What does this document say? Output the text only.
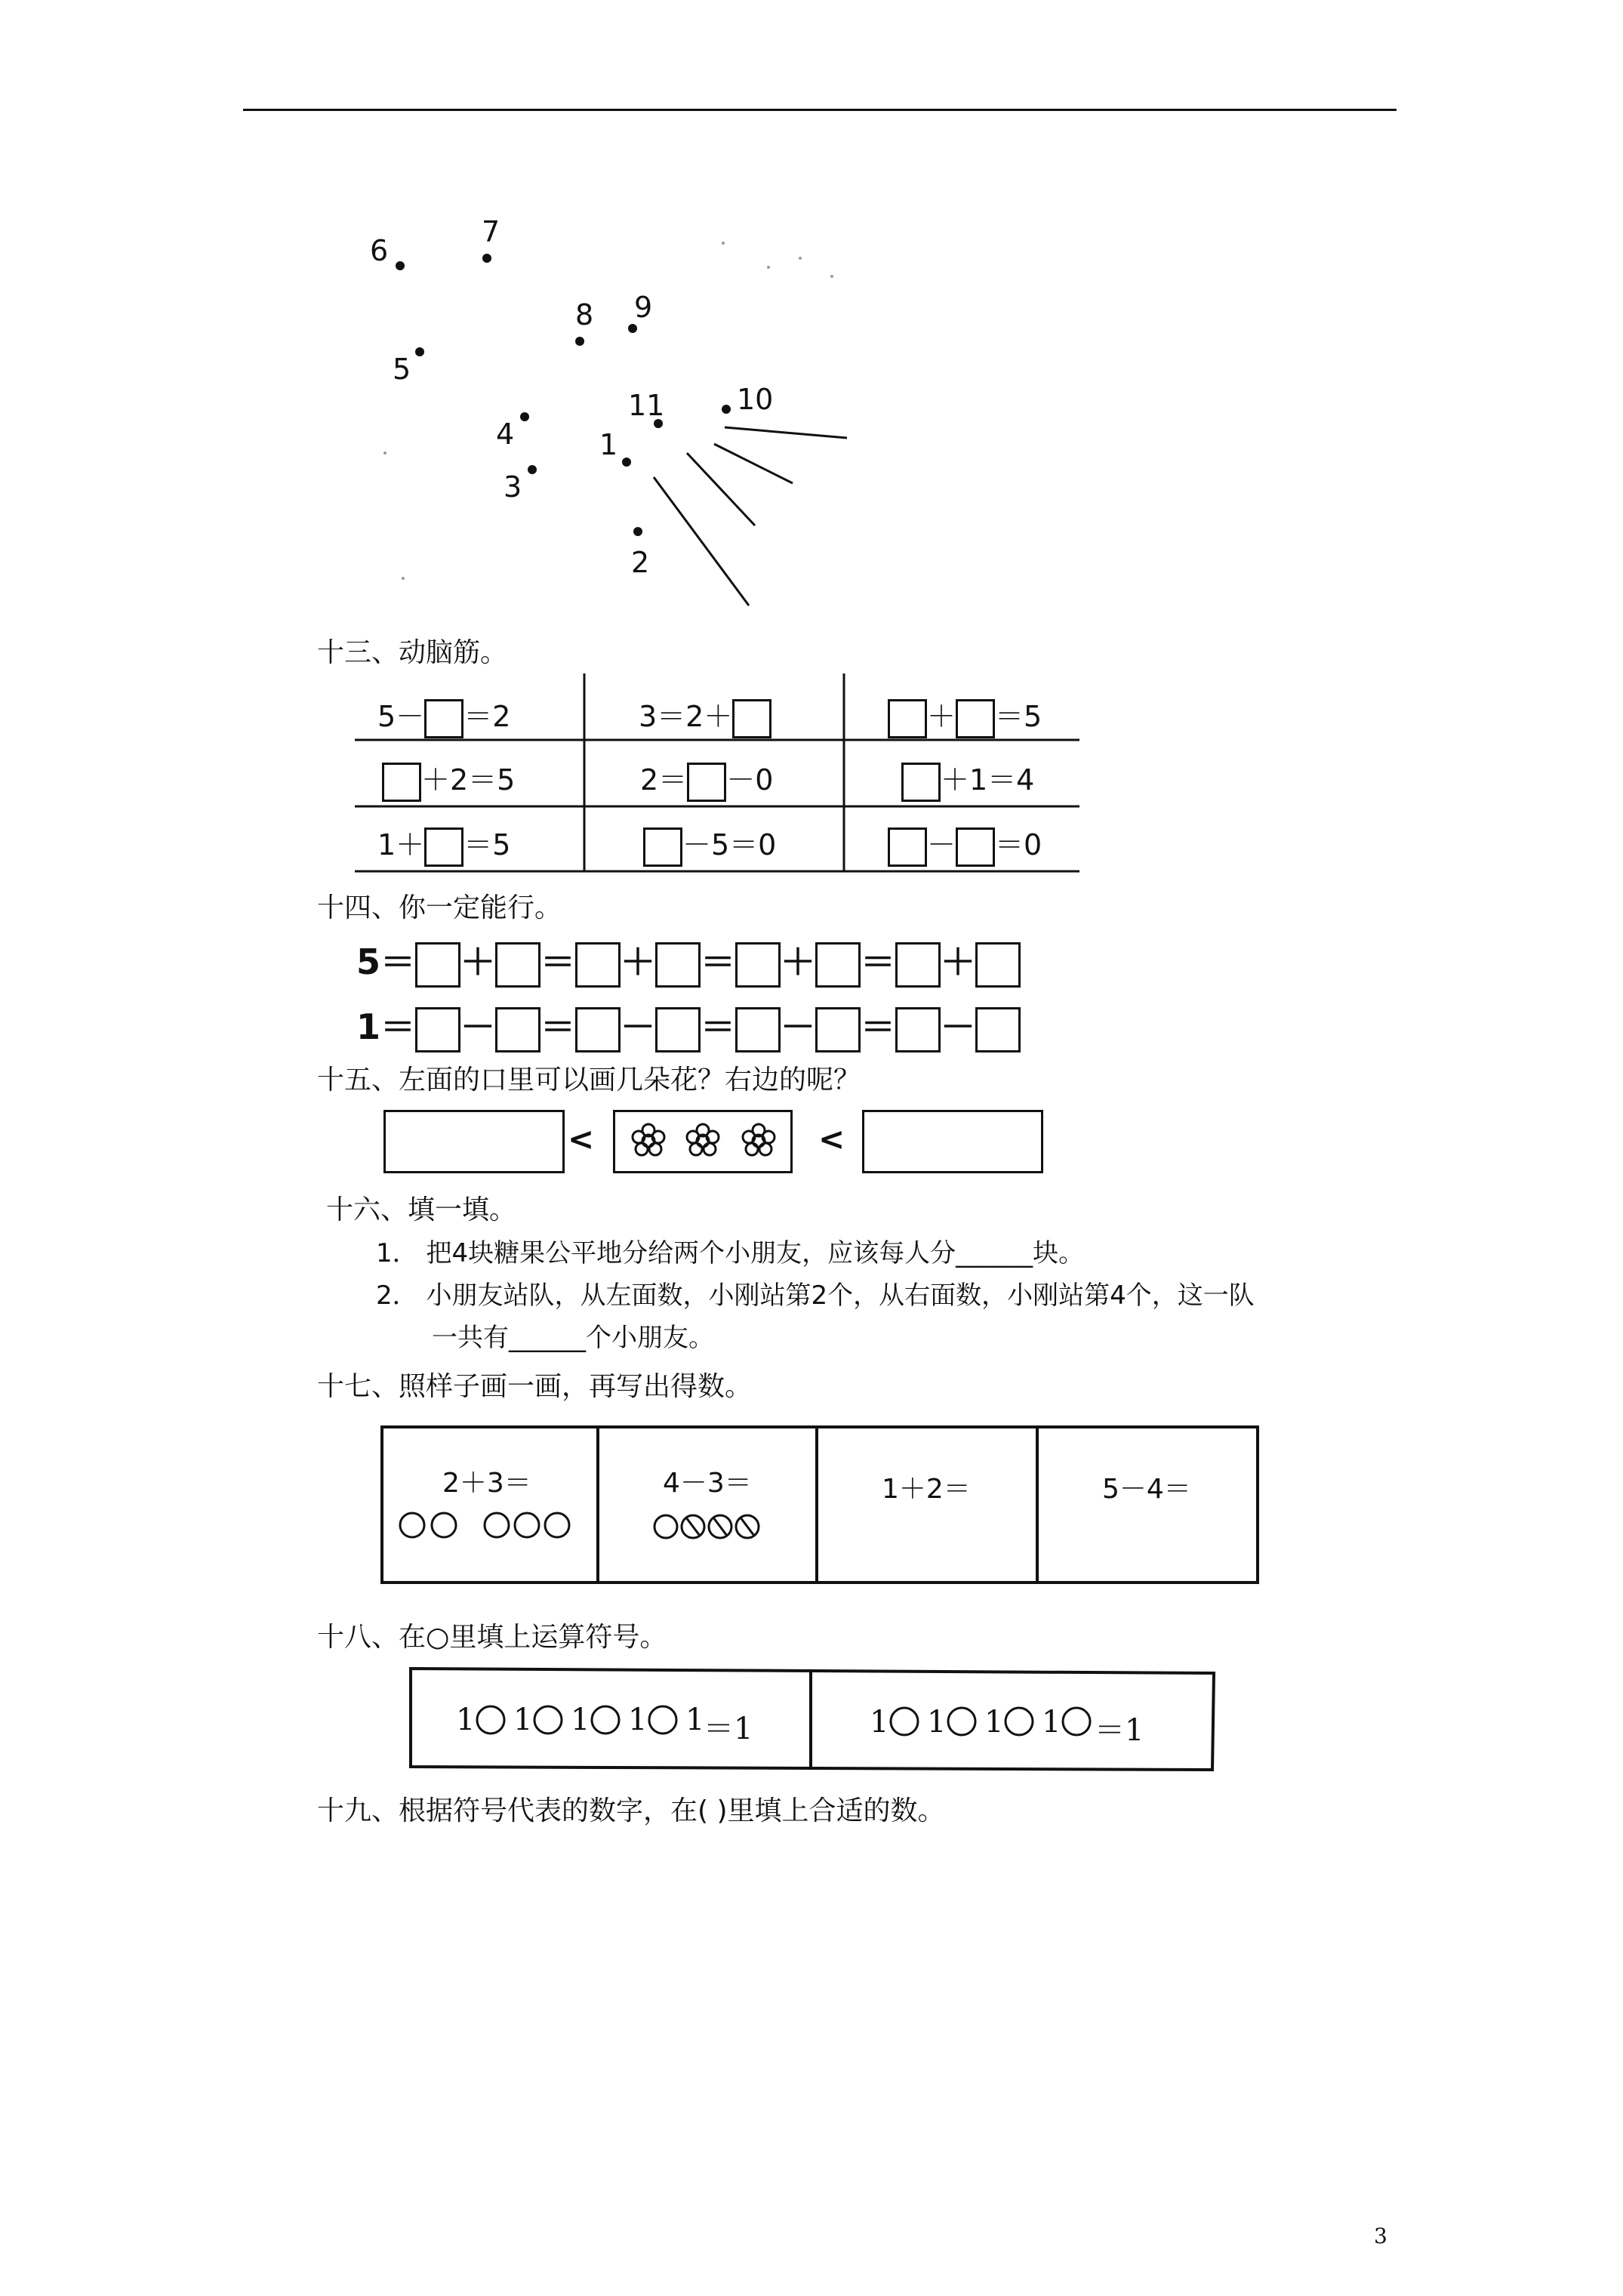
6
7
8 9
5
11	10
4	1
3
2
十三、动脑筋。
5－ ＝2	3＝2＋	＋ ＝5
＋2＝5	2＝ －0	＋1＝4
1＋ ＝5	－5＝0	－ ＝0
十四、你一定能行。
5＝ ＋ ＝ ＋ ＝ ＋ ＝ ＋
1＝ － ＝ － ＝ － ＝ －
十五、左面的口里可以画几朵花？右边的呢？
<	<
十六、填一填。
1． 把4块糖果公平地分给两个小朋友，应该每人分______块。
2． 小朋友站队，从左面数，小刚站第2个，从右面数，小刚站第4个，这一队
一共有______个小朋友。
十七、照样子画一画，再写出得数。
2＋3＝	4－3＝	1＋2＝	5－4＝
十八、在○里填上运算符号。
1 1 1 1 1	1 1 1 1
＝1	＝1
十九、根据符号代表的数字，在( )里填上合适的数。
3
